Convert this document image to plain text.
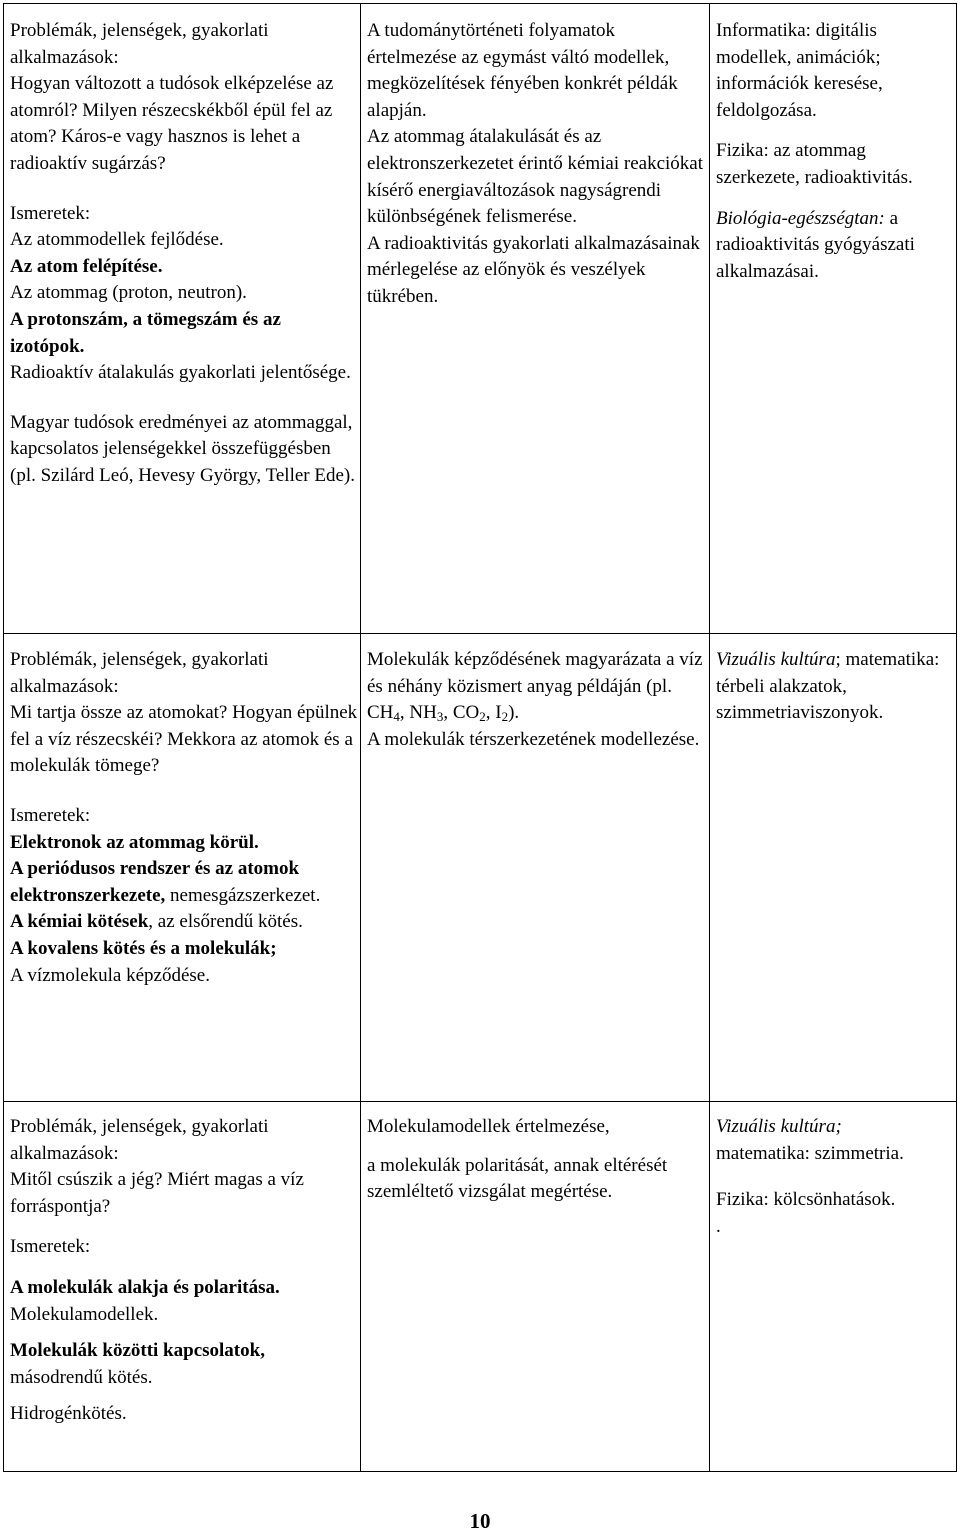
Problémák, jelenségek, gyakorlati alkalmazások:

Hogyan változott a tudósok elképzelése az atomról? Milyen részecskékből épül fel az atom? Káros-e vagy hasznos is lehet a radioaktív sugárzás?

Ismeretek:

Az atommodellek fejlődése.

Az atom felépítése.

Az atommag (proton, neutron).

A protonszám, a tömegszám és az izotópok.

Radioaktív átalakulás gyakorlati jelentősége.

Magyar tudósok eredményei az atommaggal, kapcsolatos jelenségekkel összefüggésben (pl. Szilárd Leó, Hevesy György, Teller Ede).

A tudománytörténeti folyamatok értelmezése az egymást váltó modellek, megközelítések fényében konkrét példák alapján.

Az atommag átalakulását és az elektronszerkezetet érintő kémiai reakciókat kísérő energiaváltozások nagyságrendi különbségének felismerése.

A radioaktivitás gyakorlati alkalmazásainak mérlegelése az előnyök és veszélyek tükrében.

Informatika: digitális modellek, animációk; információk keresése, feldolgozása.

Fizika: az atommag szerkezete, radioaktivitás.

Biológia-egészségtan: a radioaktivitás gyógyászati alkalmazásai.

Problémák, jelenségek, gyakorlati alkalmazások:

Mi tartja össze az atomokat? Hogyan épülnek fel a víz részecskéi? Mekkora az atomok és a molekulák tömege?

Ismeretek:

Elektronok az atommag körül.

A periódusos rendszer és az atomok elektronszerkezete, nemesgázszerkezet.

A kémiai kötések, az elsőrendű kötés.

A kovalens kötés és a molekulák;

A vízmolekula képződése.

Molekulák képződésének magyarázata a víz és néhány közismert anyag példáján (pl. $CH_4$, $NH_3$, $CO_2$, $I_2$).

A molekulák térszerkezetének modellezése.

Vizuális kultúra; matematika: térbeli alakzatok, szimmetriaviszonyok.

Problémák, jelenségek, gyakorlati alkalmazások:

Mitől csúszik a jég? Miért magas a víz forráspontja?

Ismeretek:

A molekulák alakja és polaritása.

Molekulamodellek.

Molekulák közötti kapcsolatok,

másodrendű kötés.

Hidrogénkötés.

Molekulamodellek értelmezése,

a molekulák polaritását, annak eltérését szemléltető vizsgálat megértése.

Vizuális kultúra;
matematika: szimmetria.

Fizika: kölcsönhatások.

.

10
